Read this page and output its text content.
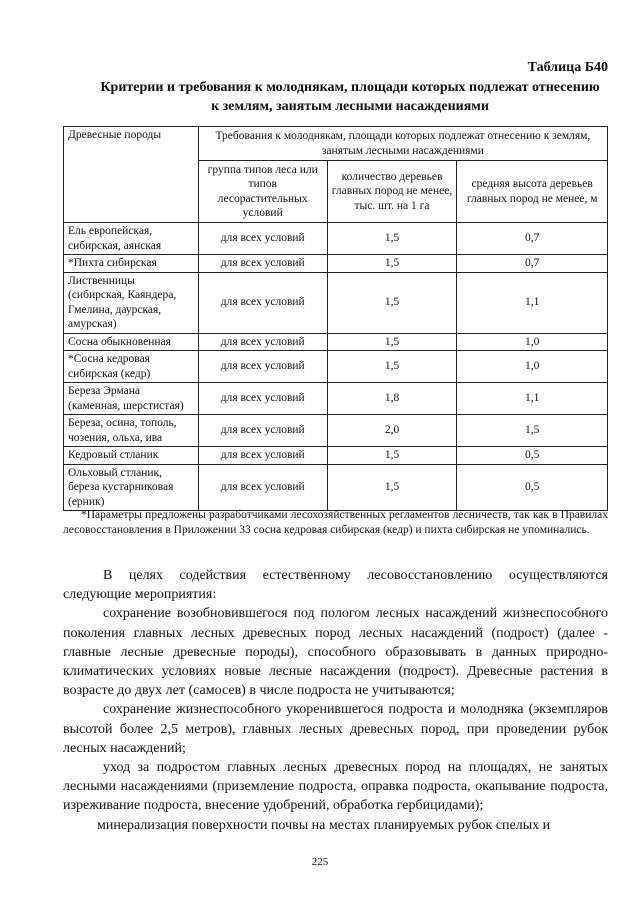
Таблица Б40
Критерии и требования к молоднякам, площади которых подлежат отнесению к землям, занятым лесными насаждениями
Древесные породы	Требования к молоднякам, площади которых подлежат отнесению к землям, занятым лесными насаждениями		
	группа типов леса или типов лесорастительных условий	количество деревьев главных пород не менее, тыс. шт. на 1 га	средняя высота деревьев главных пород не менее, м
Ель европейская, сибирская, аянская	для всех условий	1,5	0,7
*Пихта сибирская	для всех условий	1,5	0,7
Лиственницы (сибирская, Каяндера, Гмелина, даурская, амурская)	для всех условий	1,5	1,1
Сосна обыкновенная	для всех условий	1,5	1,0
*Сосна кедровая сибирская (кедр)	для всех условий	1,5	1,0
Береза Эрмана (каменная, шерстистая)	для всех условий	1,8	1,1
Береза, осина, тополь, чозения, ольха, ива	для всех условий	2,0	1,5
Кедровый стланик	для всех условий	1,5	0,5
Ольховый стланик, береза кустарниковая (ерник)	для всех условий	1,5	0,5
*Параметры предложены разработчиками лесохозяйственных регламентов лесничеств, так как в Правилах лесовосстановления в Приложении 33 сосна кедровая сибирская (кедр) и пихта сибирская не упоминались.

В целях содействия естественному лесовосстановлению осуществляются следующие мероприятия:

сохранение возобновившегося под пологом лесных насаждений жизнеспособного поколения главных лесных древесных пород лесных насаждений (подрост) (далее - главные лесные древесные породы), способного образовывать в данных природно-климатических условиях новые лесные насаждения (подрост). Древесные растения в возрасте до двух лет (самосев) в числе подроста не учитываются;

сохранение жизнеспособного укоренившегося подроста и молодняка (экземпляров высотой более 2,5 метров), главных лесных древесных пород, при проведении рубок лесных насаждений;

уход за подростом главных лесных древесных пород на площадях, не занятых лесными насаждениями (приземление подроста, оправка подроста, окапывание подроста, изреживание подроста, внесение удобрений, обработка гербицидами);

минерализация поверхности почвы на местах планируемых рубок спелых и

225
